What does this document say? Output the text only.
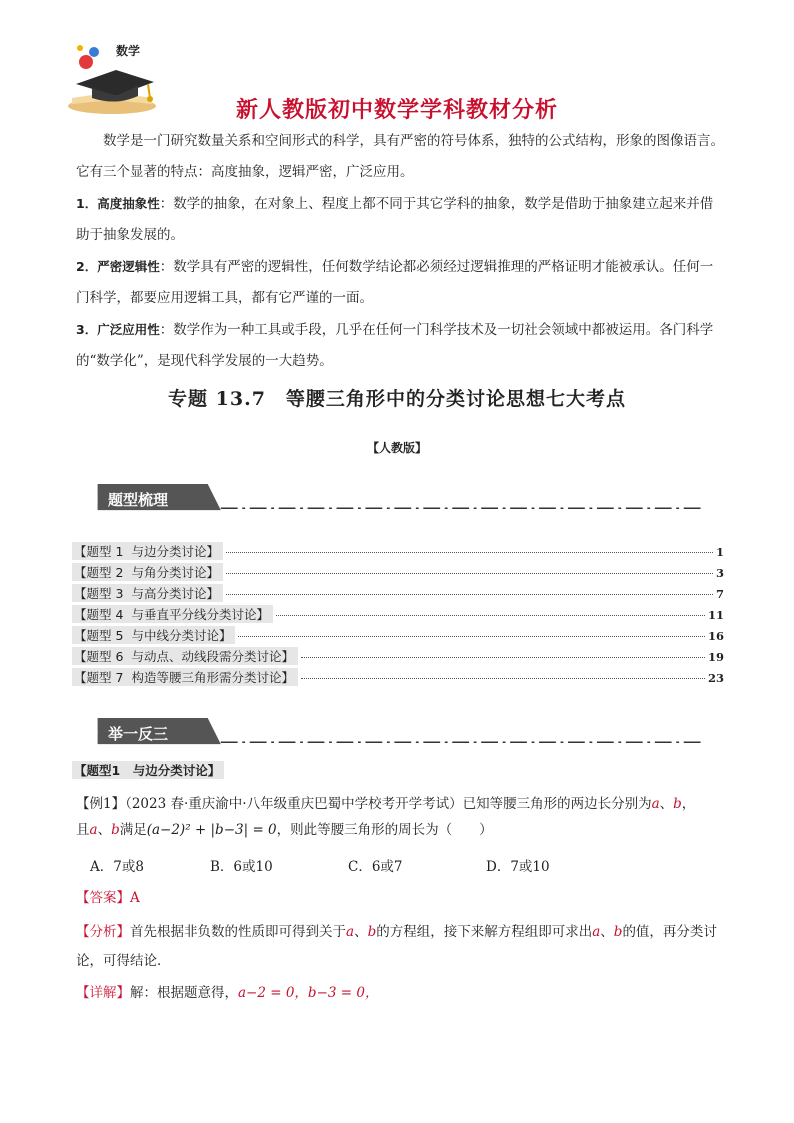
数学
新人教版初中数学学科教材分析

数学是一门研究数量关系和空间形式的科学，具有严密的符号体系，独特的公式结构，形象的图像语言。它有三个显著的特点：高度抽象，逻辑严密，广泛应用。

1．高度抽象性：数学的抽象，在对象上、程度上都不同于其它学科的抽象，数学是借助于抽象建立起来并借助于抽象发展的。

2．严密逻辑性：数学具有严密的逻辑性，任何数学结论都必须经过逻辑推理的严格证明才能被承认。任何一门科学，都要应用逻辑工具，都有它严谨的一面。

3．广泛应用性：数学作为一种工具或手段，几乎在任何一门科学技术及一切社会领域中都被运用。各门科学的“数学化”，是现代科学发展的一大趋势。

专题 13.7　等腰三角形中的分类讨论思想七大考点
【人教版】
题型梳理
【题型 1 与边分类讨论】	1
【题型 2 与角分类讨论】	3
【题型 3 与高分类讨论】	7
【题型 4 与垂直平分线分类讨论】	11
【题型 5 与中线分类讨论】	16
【题型 6 与动点、动线段需分类讨论】	19
【题型 7 构造等腰三角形需分类讨论】	23
举一反三
【题型1　与边分类讨论】
【例1】（2023 春·重庆渝中·八年级重庆巴蜀中学校考开学考试）已知等腰三角形的两边长分别为a、b，
且a、b满足(a−2)² + |b−3| = 0，则此等腰三角形的周长为（　　）
A．7或8	B．6或10	C．6或7	D．7或10
【答案】A
【分析】首先根据非负数的性质即可得到关于a、b的方程组，接下来解方程组即可求出a、b的值，再分类讨论，可得结论．
【详解】解：根据题意得，a−2 = 0，b−3 = 0，
